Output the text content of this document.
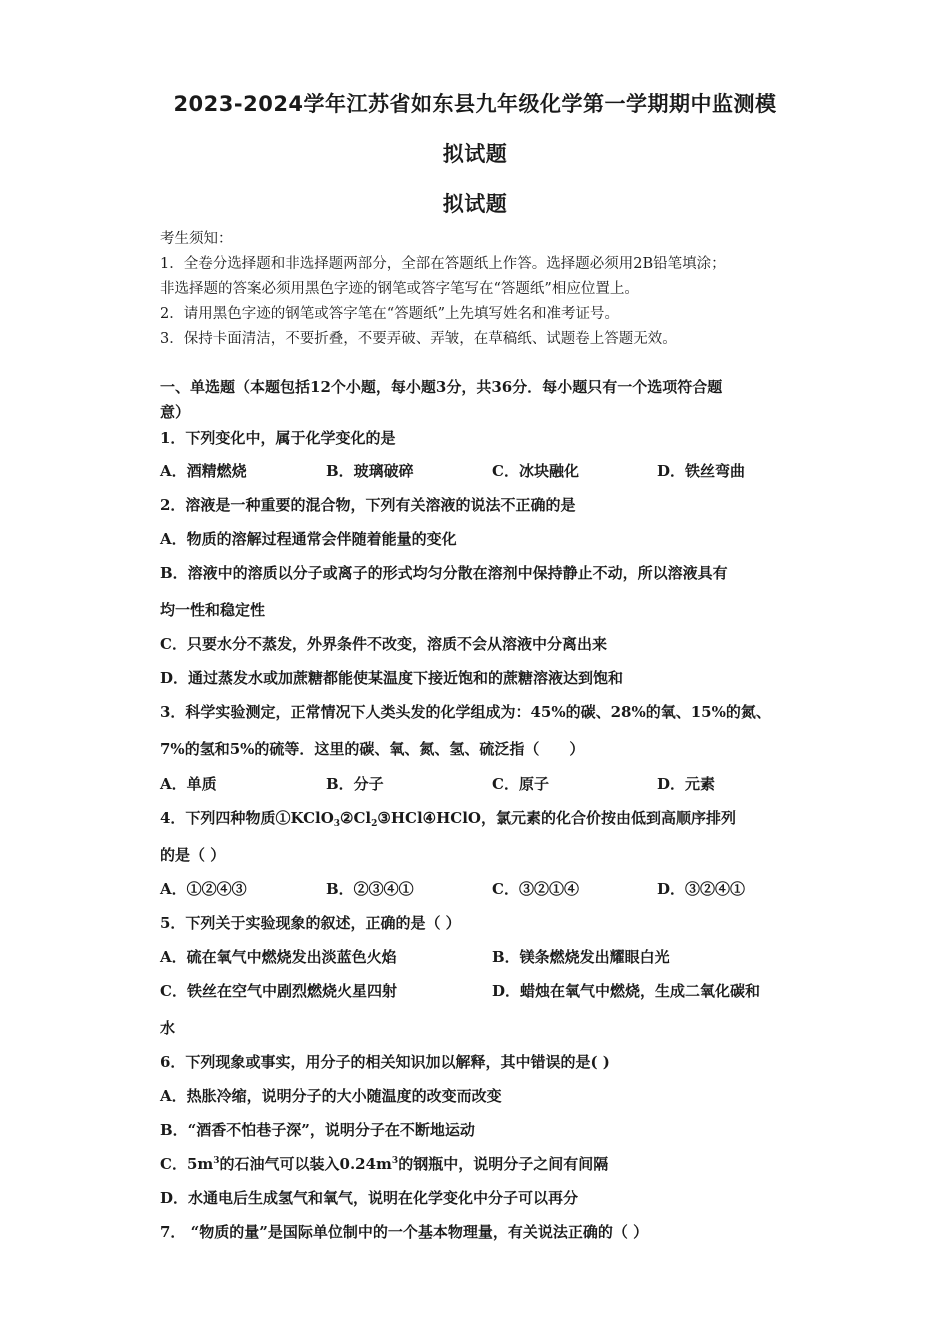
2023-2024学年江苏省如东县九年级化学第一学期期中监测模
拟试题
拟试题
考生须知：
1．全卷分选择题和非选择题两部分，全部在答题纸上作答。选择题必须用2B铅笔填涂；
非选择题的答案必须用黑色字迹的钢笔或答字笔写在“答题纸”相应位置上。
2．请用黑色字迹的钢笔或答字笔在“答题纸”上先填写姓名和准考证号。
3．保持卡面清洁，不要折叠，不要弄破、弄皱，在草稿纸、试题卷上答题无效。
一、单选题（本题包括12个小题，每小题3分，共36分．每小题只有一个选项符合题
意）
1．下列变化中，属于化学变化的是
A．酒精燃烧	B．玻璃破碎	C．冰块融化	D．铁丝弯曲
2．溶液是一种重要的混合物，下列有关溶液的说法不正确的是
A．物质的溶解过程通常会伴随着能量的变化
B．溶液中的溶质以分子或离子的形式均匀分散在溶剂中保持静止不动，所以溶液具有
均一性和稳定性
C．只要水分不蒸发，外界条件不改变，溶质不会从溶液中分离出来
D．通过蒸发水或加蔗糖都能使某温度下接近饱和的蔗糖溶液达到饱和
3．科学实验测定，正常情况下人类头发的化学组成为：45%的碳、28%的氧、15%的氮、
7%的氢和5%的硫等．这里的碳、氧、氮、氢、硫泛指（　　）
A．单质	B．分子	C．原子	D．元素
4．下列四种物质$①KClO_3②Cl_2③HCl④HClO$，氯元素的化合价按由低到高顺序排列
的是（ ）
A．①②④③	B．②③④①	C．③②①④	D．③②④①
5．下列关于实验现象的叙述，正确的是（ ）
A．硫在氧气中燃烧发出淡蓝色火焰	B．镁条燃烧发出耀眼白光
C．铁丝在空气中剧烈燃烧火星四射	D．蜡烛在氧气中燃烧，生成二氧化碳和
水
6．下列现象或事实，用分子的相关知识加以解释，其中错误的是( )
A．热胀冷缩，说明分子的大小随温度的改变而改变
B．“酒香不怕巷子深”，说明分子在不断地运动
C．$5m^3$的石油气可以装入$0.24m^3$的钢瓶中，说明分子之间有间隔
D．水通电后生成氢气和氧气，说明在化学变化中分子可以再分
7． “物质的量”是国际单位制中的一个基本物理量，有关说法正确的（ ）
